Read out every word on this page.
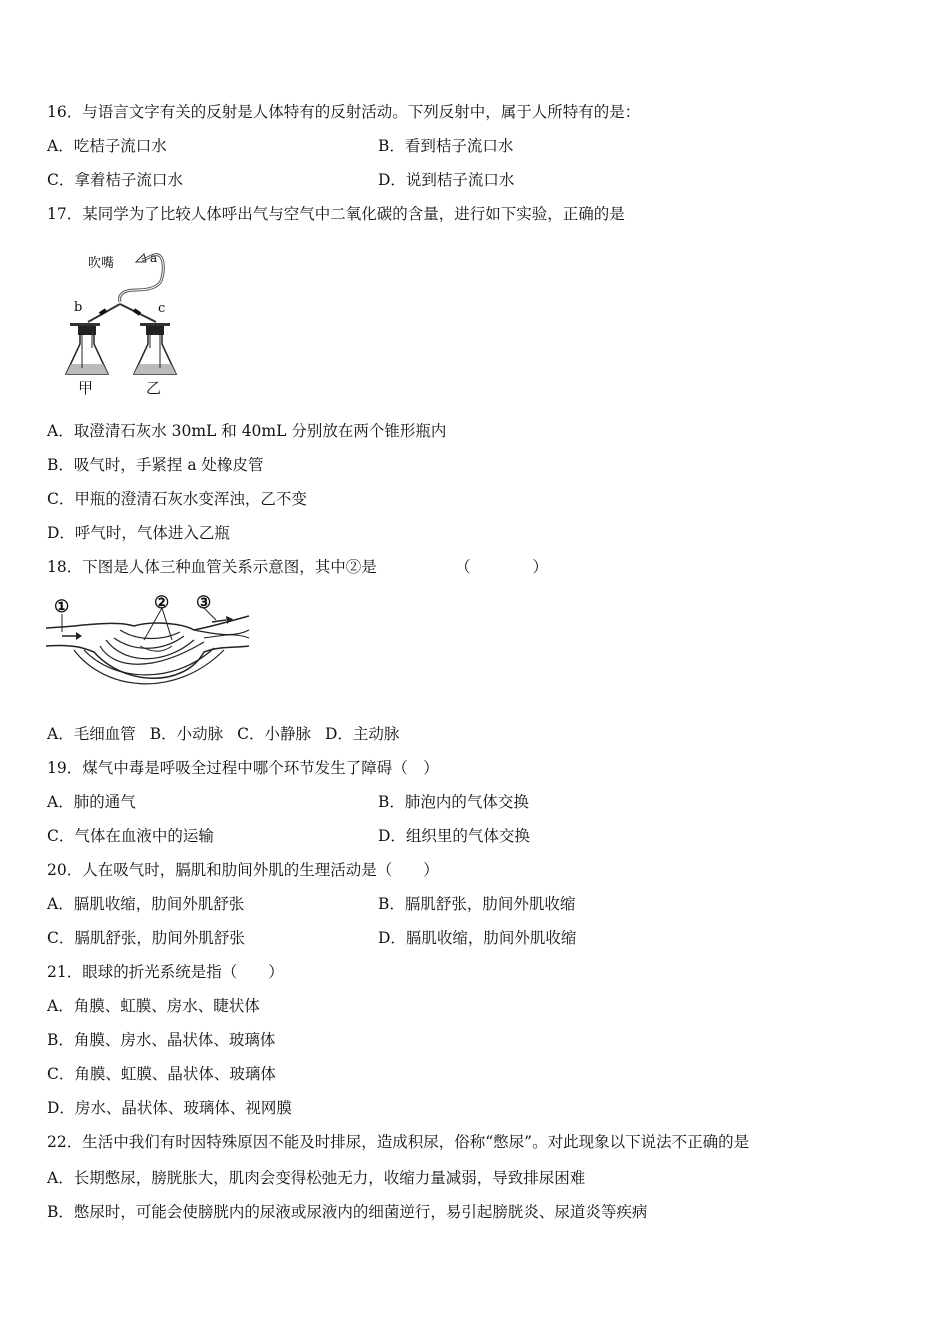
16．与语言文字有关的反射是人体特有的反射活动。下列反射中，属于人所特有的是：
A．吃桔子流口水	B．看到桔子流口水
C．拿着桔子流口水	D．说到桔子流口水
17．某同学为了比较人体呼出气与空气中二氧化碳的含量，进行如下实验，正确的是
吹嘴	a
b	c
甲	乙
A．取澄清石灰水 30mL 和 40mL 分别放在两个锥形瓶内
B．吸气时，手紧捏 a 处橡皮管
C．甲瓶的澄清石灰水变浑浊，乙不变
D．呼气时，气体进入乙瓶
18．下图是人体三种血管关系示意图，其中②是	（　　　　）
①	② ③
A．毛细血管 B．小动脉 C．小静脉 D．主动脉
19．煤气中毒是呼吸全过程中哪个环节发生了障碍（　）
A．肺的通气	B．肺泡内的气体交换
C．气体在血液中的运输	D．组织里的气体交换
20．人在吸气时，膈肌和肋间外肌的生理活动是（　　）
A．膈肌收缩，肋间外肌舒张	B．膈肌舒张，肋间外肌收缩
C．膈肌舒张，肋间外肌舒张	D．膈肌收缩，肋间外肌收缩
21．眼球的折光系统是指（　　）
A．角膜、虹膜、房水、睫状体
B．角膜、房水、晶状体、玻璃体
C．角膜、虹膜、晶状体、玻璃体
D．房水、晶状体、玻璃体、视网膜
22．生活中我们有时因特殊原因不能及时排尿，造成积尿，俗称“憋尿”。对此现象以下说法不正确的是
A．长期憋尿，膀胱胀大，肌肉会变得松弛无力，收缩力量减弱，导致排尿困难
B．憋尿时，可能会使膀胱内的尿液或尿液内的细菌逆行，易引起膀胱炎、尿道炎等疾病
